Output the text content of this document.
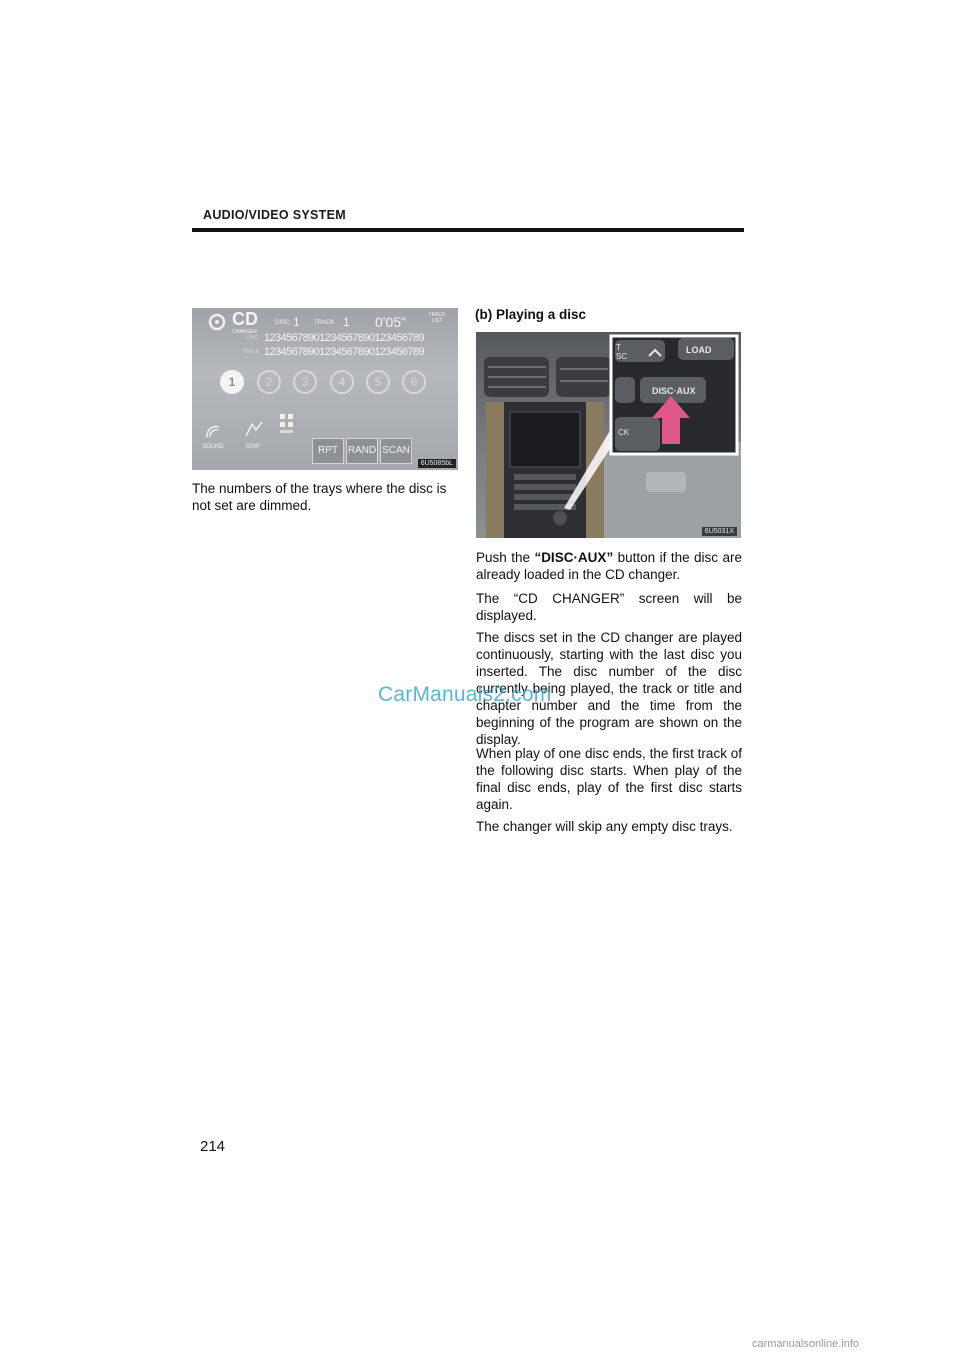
AUDIO/VIDEO SYSTEM
CD
CHANGER
DISC 1 TRACK 1 0'05"	TRACK LIST
DISC 12345678901234567890123456789
TRACK 12345678901234567890123456789
1	2	3	4	5	6
SOUND	DISP	RPT RAND SCAN
6U5085bL
The numbers of the trays where the disc is not set are dimmed.
(b) Playing a disc
T
SC
LOAD
DISC·AUX
CK
6U5031X

Push the “DISC·AUX” button if the disc are already loaded in the CD changer.

The “CD CHANGER” screen will be displayed.

The discs set in the CD changer are played continuously, starting with the last disc you inserted. The disc number of the disc currently being played, the track or title and chapter number and the time from the beginning of the program are shown on the display.

When play of one disc ends, the first track of the following disc starts. When play of the final disc ends, play of the first disc starts again.

The changer will skip any empty disc trays.

CarManuals2.com
214
carmanualsonline.info
